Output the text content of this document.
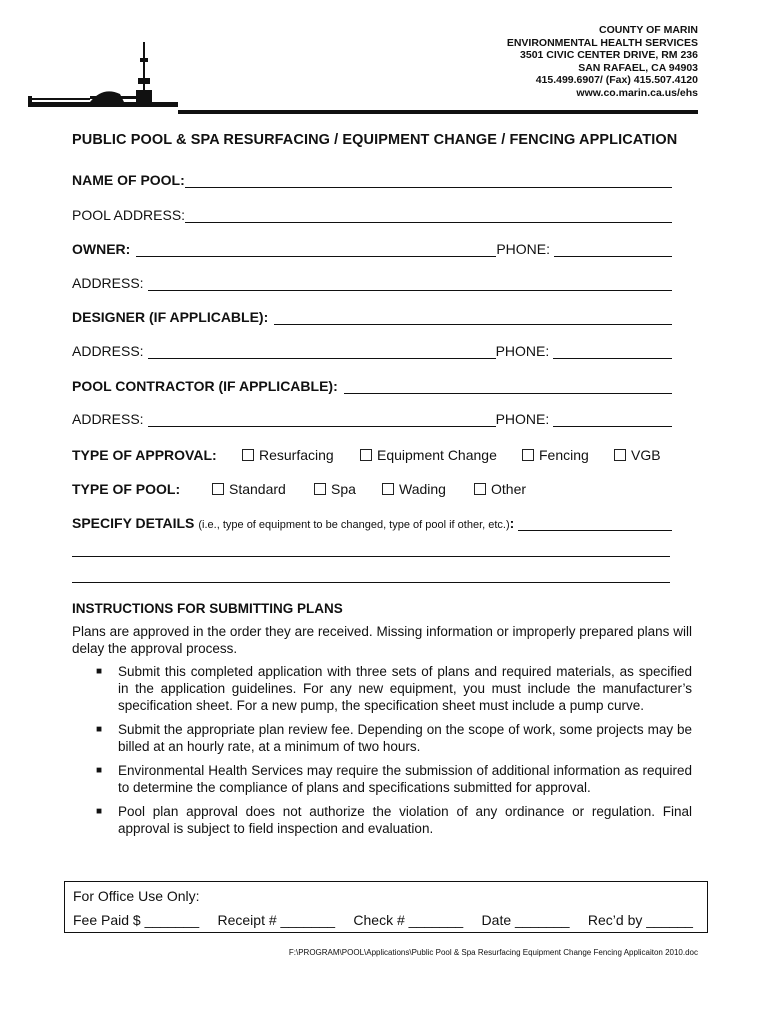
COUNTY OF MARIN
ENVIRONMENTAL HEALTH SERVICES
3501 CIVIC CENTER DRIVE, RM 236
SAN RAFAEL, CA 94903
415.499.6907/ (Fax) 415.507.4120
www.co.marin.ca.us/ehs
PUBLIC POOL & SPA RESURFACING / EQUIPMENT CHANGE / FENCING APPLICATION
NAME OF POOL:
POOL ADDRESS:
OWNER:	PHONE:
ADDRESS:
DESIGNER (IF APPLICABLE):
ADDRESS:	PHONE:
POOL CONTRACTOR (IF APPLICABLE):
ADDRESS:	PHONE:
TYPE OF APPROVAL:	Resurfacing	Equipment Change	Fencing	VGB
TYPE OF POOL:	Standard	Spa	Wading	Other
SPECIFY DETAILS (i.e., type of equipment to be changed, type of pool if other, etc.) :
INSTRUCTIONS FOR SUBMITTING PLANS

Plans are approved in the order they are received. Missing information or improperly prepared plans will delay the approval process.

■ Submit this completed application with three sets of plans and required materials, as specified in the application guidelines. For any new equipment, you must include the manufacturer’s specification sheet. For a new pump, the specification sheet must include a pump curve.
■ Submit the appropriate plan review fee. Depending on the scope of work, some projects may be billed at an hourly rate, at a minimum of two hours.
■ Environmental Health Services may require the submission of additional information as required to determine the compliance of plans and specifications submitted for approval.
■ Pool plan approval does not authorize the violation of any ordinance or regulation. Final approval is subject to field inspection and evaluation.
For Office Use Only:
Fee Paid $ _______ Receipt # _______ Check # _______ Date _______ Rec’d by ______
F:\PROGRAM\POOL\Applications\Public Pool & Spa Resurfacing Equipment Change Fencing Applicaiton 2010.doc
